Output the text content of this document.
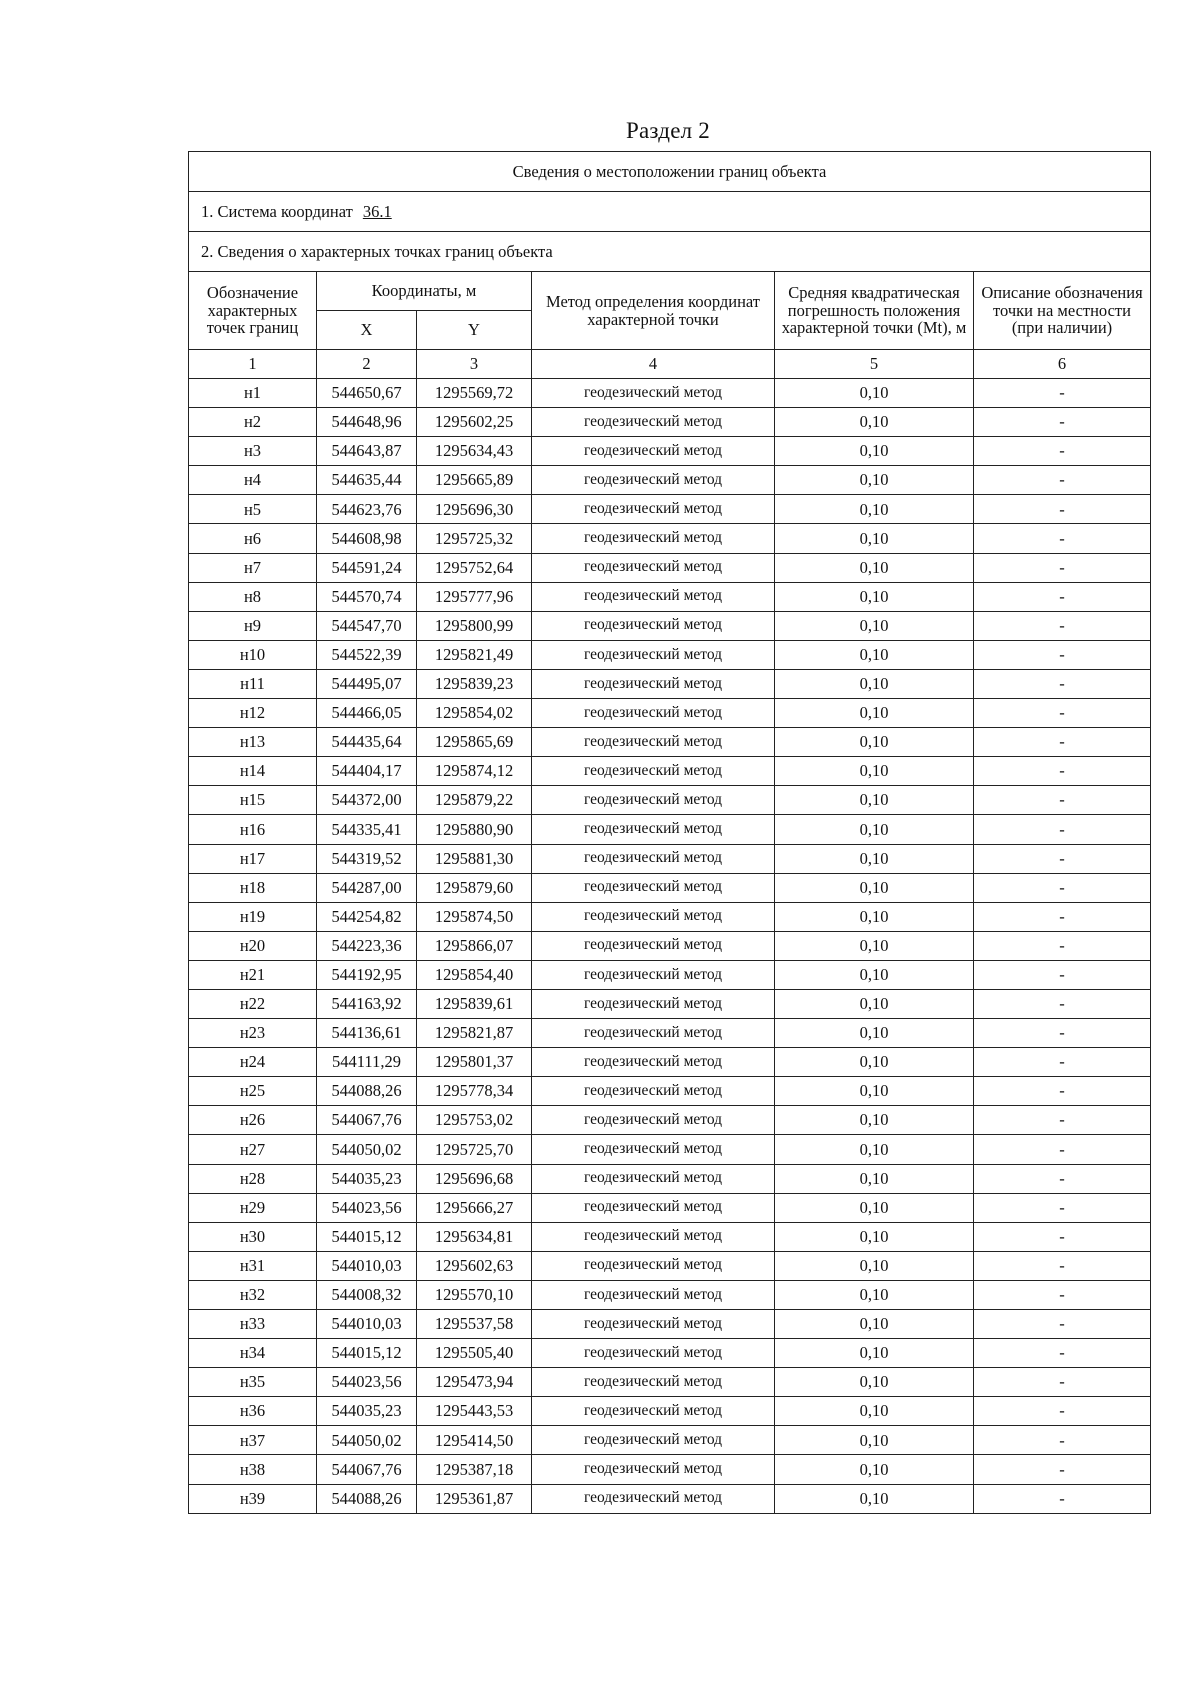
Раздел 2
Сведения о местоположении границ объекта					
1. Система координат 36.1					
2. Сведения о характерных точках границ объекта					
Обозначение характерных точек границ	Координаты, м		Метод определения координат характерной точки	Средняя квадратическая погрешность положения характерной точки (Mt), м	Описание обозначения точки на местности (при наличии)
	X	Y			
1	2	3	4	5	6
н1	544650,67	1295569,72	геодезический метод	0,10	-
н2	544648,96	1295602,25	геодезический метод	0,10	-
н3	544643,87	1295634,43	геодезический метод	0,10	-
н4	544635,44	1295665,89	геодезический метод	0,10	-
н5	544623,76	1295696,30	геодезический метод	0,10	-
н6	544608,98	1295725,32	геодезический метод	0,10	-
н7	544591,24	1295752,64	геодезический метод	0,10	-
н8	544570,74	1295777,96	геодезический метод	0,10	-
н9	544547,70	1295800,99	геодезический метод	0,10	-
н10	544522,39	1295821,49	геодезический метод	0,10	-
н11	544495,07	1295839,23	геодезический метод	0,10	-
н12	544466,05	1295854,02	геодезический метод	0,10	-
н13	544435,64	1295865,69	геодезический метод	0,10	-
н14	544404,17	1295874,12	геодезический метод	0,10	-
н15	544372,00	1295879,22	геодезический метод	0,10	-
н16	544335,41	1295880,90	геодезический метод	0,10	-
н17	544319,52	1295881,30	геодезический метод	0,10	-
н18	544287,00	1295879,60	геодезический метод	0,10	-
н19	544254,82	1295874,50	геодезический метод	0,10	-
н20	544223,36	1295866,07	геодезический метод	0,10	-
н21	544192,95	1295854,40	геодезический метод	0,10	-
н22	544163,92	1295839,61	геодезический метод	0,10	-
н23	544136,61	1295821,87	геодезический метод	0,10	-
н24	544111,29	1295801,37	геодезический метод	0,10	-
н25	544088,26	1295778,34	геодезический метод	0,10	-
н26	544067,76	1295753,02	геодезический метод	0,10	-
н27	544050,02	1295725,70	геодезический метод	0,10	-
н28	544035,23	1295696,68	геодезический метод	0,10	-
н29	544023,56	1295666,27	геодезический метод	0,10	-
н30	544015,12	1295634,81	геодезический метод	0,10	-
н31	544010,03	1295602,63	геодезический метод	0,10	-
н32	544008,32	1295570,10	геодезический метод	0,10	-
н33	544010,03	1295537,58	геодезический метод	0,10	-
н34	544015,12	1295505,40	геодезический метод	0,10	-
н35	544023,56	1295473,94	геодезический метод	0,10	-
н36	544035,23	1295443,53	геодезический метод	0,10	-
н37	544050,02	1295414,50	геодезический метод	0,10	-
н38	544067,76	1295387,18	геодезический метод	0,10	-
н39	544088,26	1295361,87	геодезический метод	0,10	-
